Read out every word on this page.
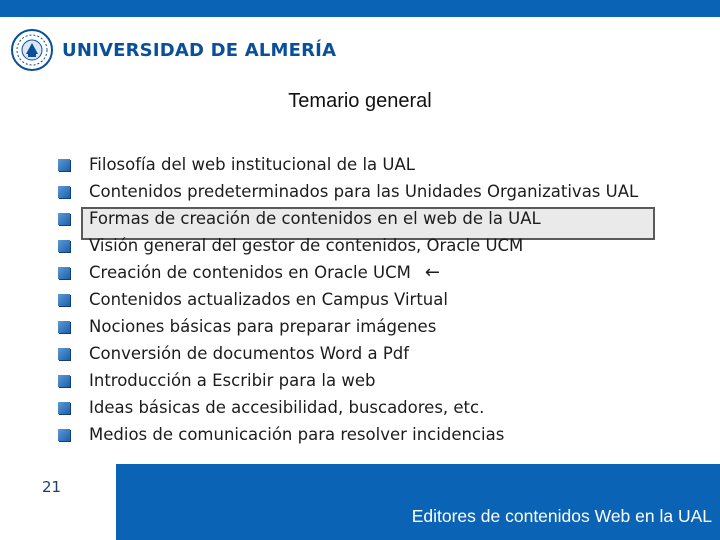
UNIVERSIDAD DE ALMERÍA
Temario general
Filosofía del web institucional de la UAL
Contenidos predeterminados para las Unidades Organizativas UAL
Formas de creación de contenidos en el web de la UAL
Visión general del gestor de contenidos, Oracle UCM
Creación de contenidos en Oracle UCM ←
Contenidos actualizados en Campus Virtual
Nociones básicas para preparar imágenes
Conversión de documentos Word a Pdf
Introducción a Escribir para la web
Ideas básicas de accesibilidad, buscadores, etc.
Medios de comunicación para resolver incidencias
21
Editores de contenidos Web en la UAL
